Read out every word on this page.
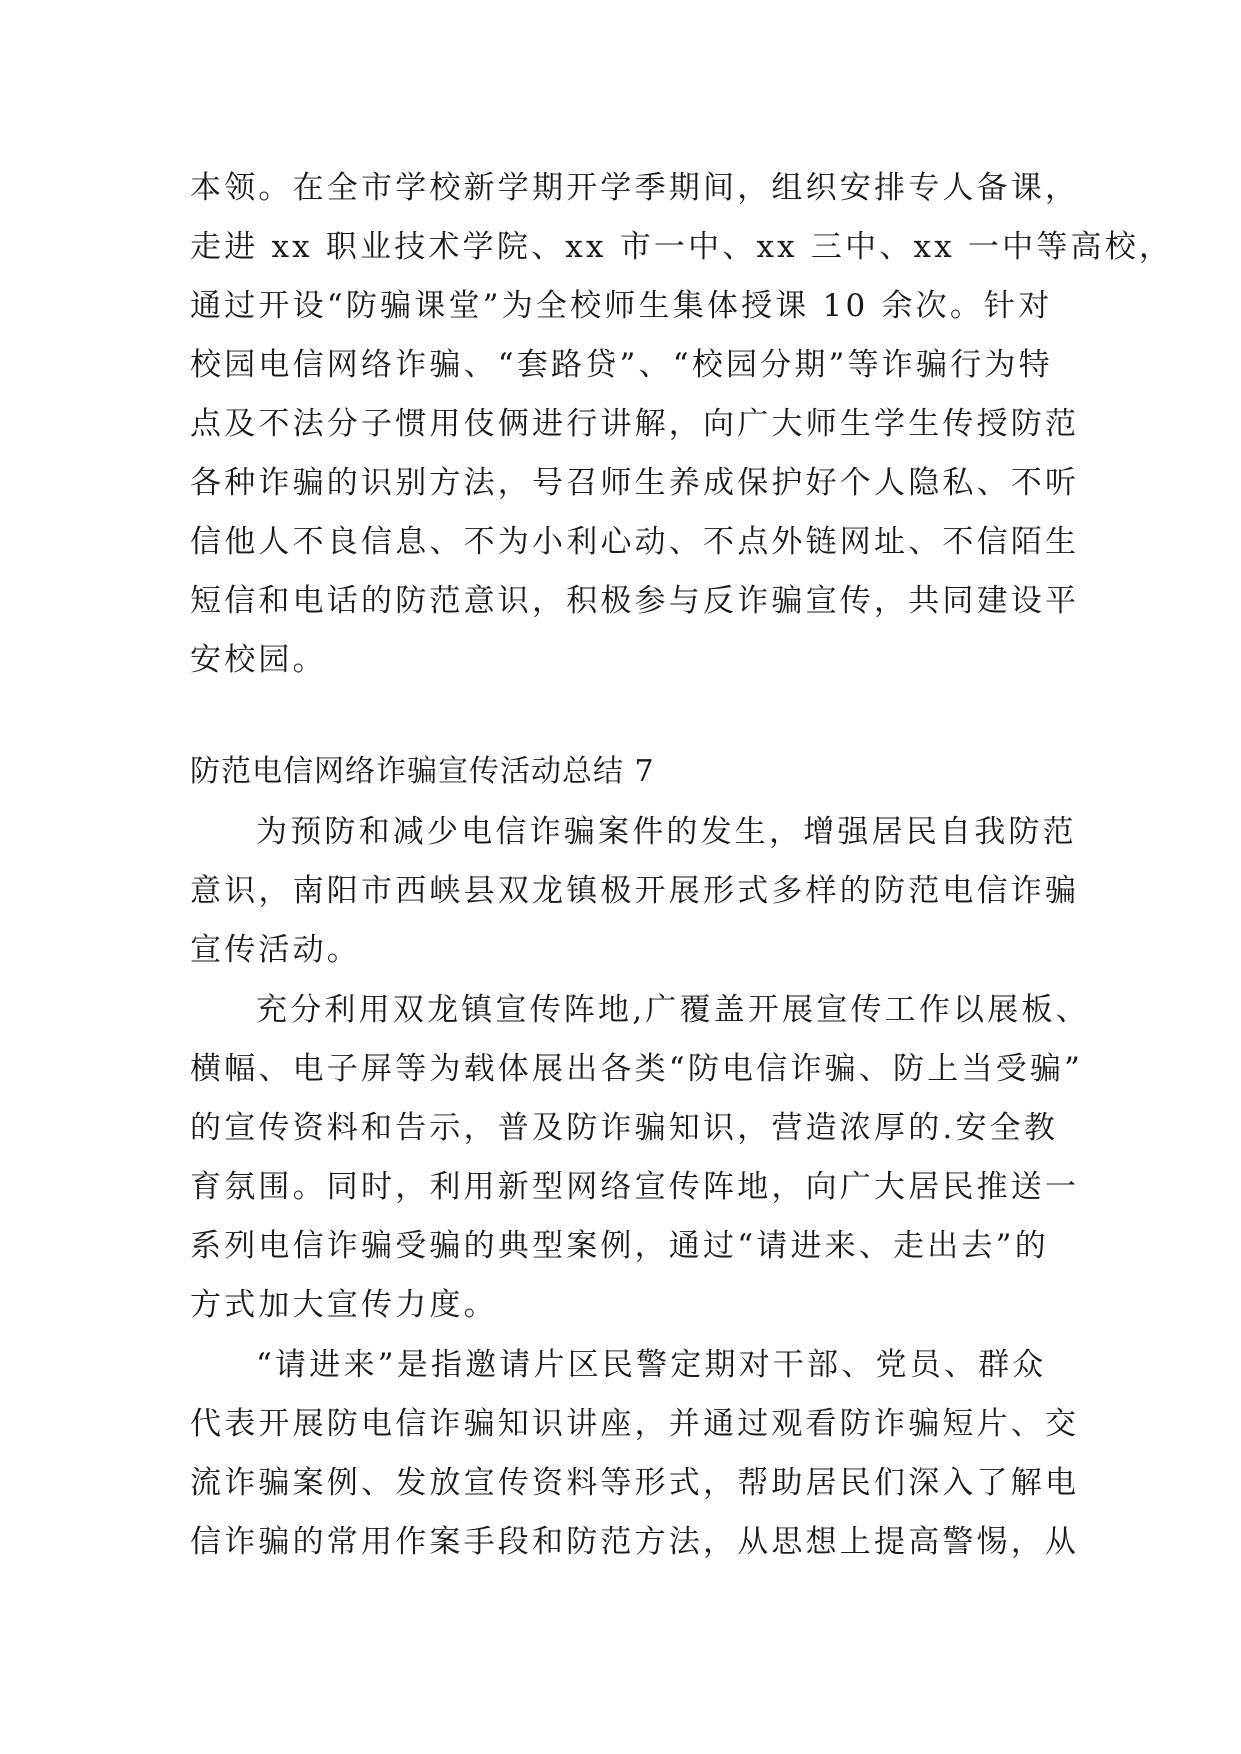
本领。在全市学校新学期开学季期间，组织安排专人备课，
走进 xx 职业技术学院、xx 市一中、xx 三中、xx 一中等高校，
通过开设“防骗课堂”为全校师生集体授课 10 余次。针对
校园电信网络诈骗、“套路贷”、“校园分期”等诈骗行为特
点及不法分子惯用伎俩进行讲解，向广大师生学生传授防范
各种诈骗的识别方法，号召师生养成保护好个人隐私、不听
信他人不良信息、不为小利心动、不点外链网址、不信陌生
短信和电话的防范意识，积极参与反诈骗宣传，共同建设平
安校园。
防范电信网络诈骗宣传活动总结 7
为预防和减少电信诈骗案件的发生，增强居民自我防范
意识，南阳市西峡县双龙镇极开展形式多样的防范电信诈骗
宣传活动。
充分利用双龙镇宣传阵地,广覆盖开展宣传工作以展板、
横幅、电子屏等为载体展出各类“防电信诈骗、防上当受骗”
的宣传资料和告示，普及防诈骗知识，营造浓厚的.安全教
育氛围。同时，利用新型网络宣传阵地，向广大居民推送一
系列电信诈骗受骗的典型案例，通过“请进来、走出去”的
方式加大宣传力度。
“请进来”是指邀请片区民警定期对干部、党员、群众
代表开展防电信诈骗知识讲座，并通过观看防诈骗短片、交
流诈骗案例、发放宣传资料等形式，帮助居民们深入了解电
信诈骗的常用作案手段和防范方法，从思想上提高警惕，从
